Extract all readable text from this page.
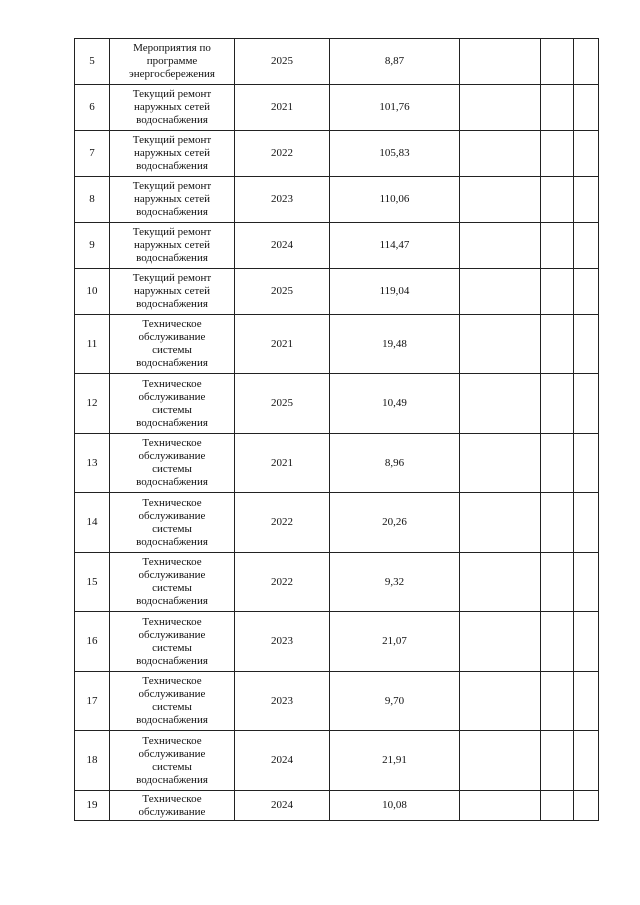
5	Мероприятия по
программе
энергосбережения	2025	8,87			
6	Текущий ремонт
наружных сетей
водоснабжения	2021	101,76			
7	Текущий ремонт
наружных сетей
водоснабжения	2022	105,83			
8	Текущий ремонт
наружных сетей
водоснабжения	2023	110,06			
9	Текущий ремонт
наружных сетей
водоснабжения	2024	114,47			
10	Текущий ремонт
наружных сетей
водоснабжения	2025	119,04			
11	Техническое
обслуживание
системы
водоснабжения	2021	19,48			
12	Техническое
обслуживание
системы
водоснабжения	2025	10,49			
13	Техническое
обслуживание
системы
водоснабжения	2021	8,96			
14	Техническое
обслуживание
системы
водоснабжения	2022	20,26			
15	Техническое
обслуживание
системы
водоснабжения	2022	9,32			
16	Техническое
обслуживание
системы
водоснабжения	2023	21,07			
17	Техническое
обслуживание
системы
водоснабжения	2023	9,70			
18	Техническое
обслуживание
системы
водоснабжения	2024	21,91			
19	Техническое
обслуживание	2024	10,08			
